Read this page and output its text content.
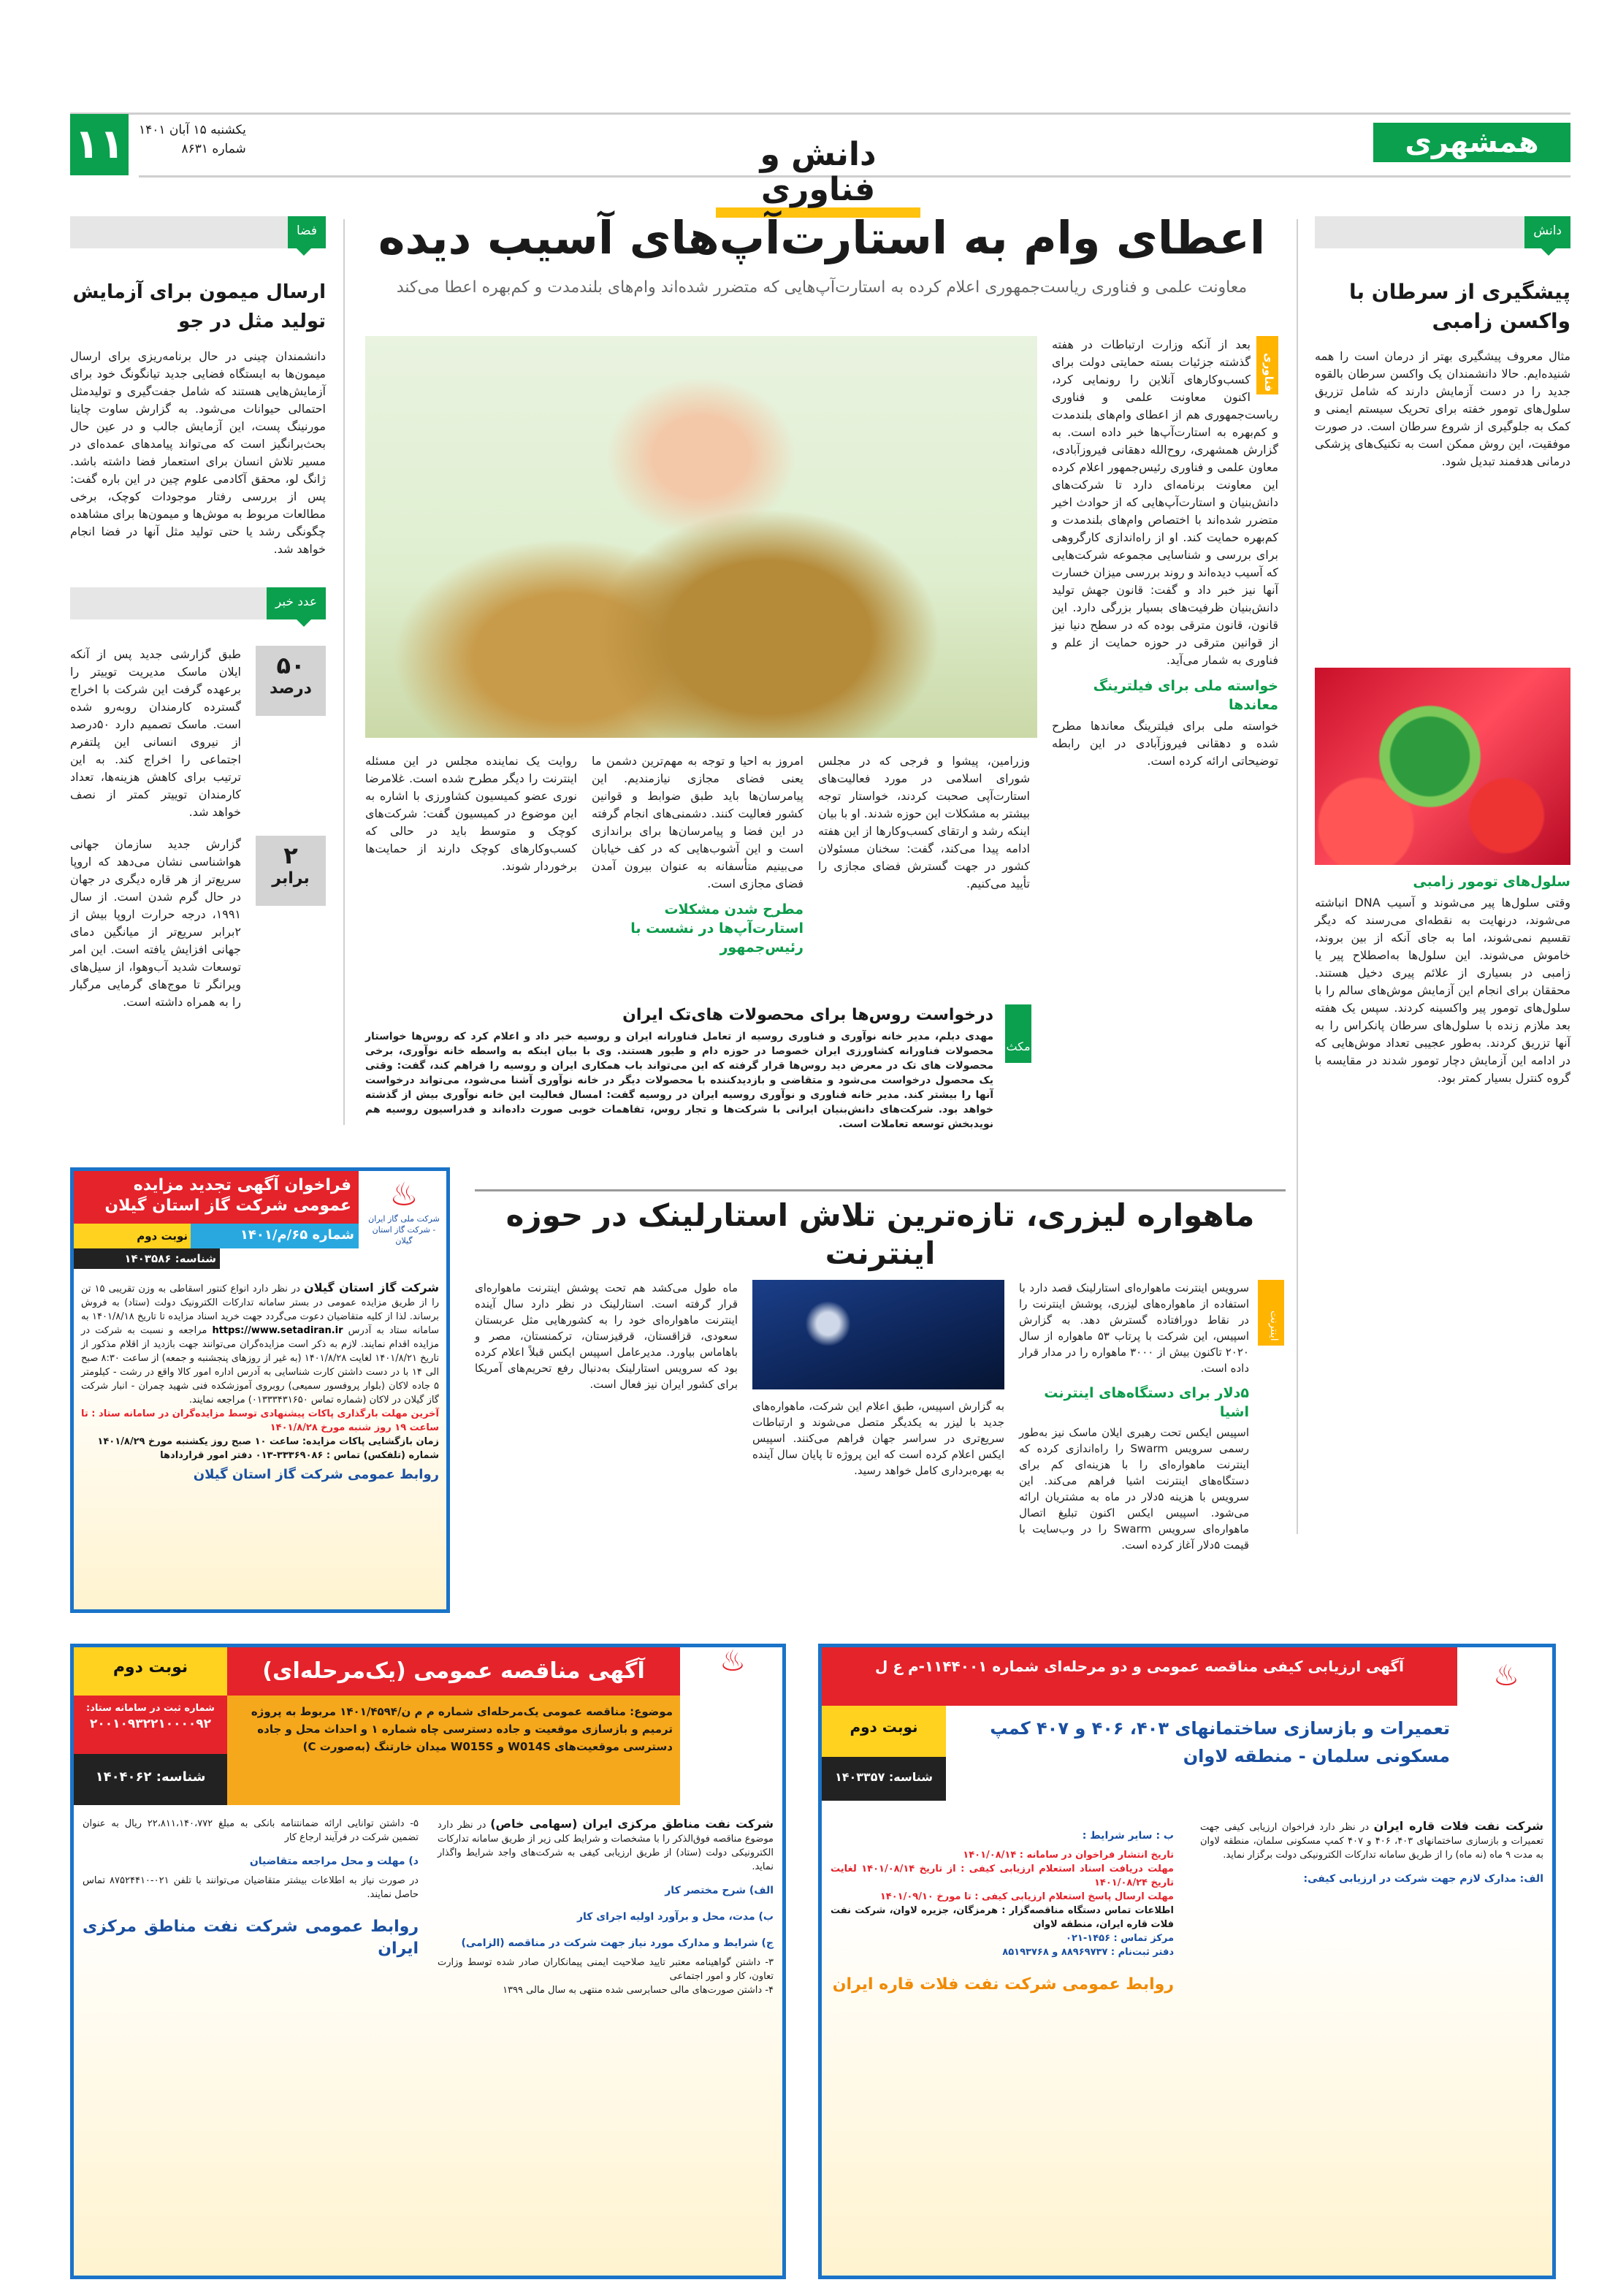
۱۱	یکشنبه ۱۵ آبان ۱۴۰۱
شماره ۸۶۳۱	دانش و فناوری
همشهری
دانش
پیشگیری از سرطان با واکسن زامبی

مثال معروف پیشگیری بهتر از درمان است را همه شنیده‌ایم. حالا دانشمندان یک واکسن سرطان بالقوه جدید را در دست آزمایش دارند که شامل تزریق سلول‌های تومور خفته برای تحریک سیستم ایمنی و کمک به جلوگیری از شروع سرطان است. در صورت موفقیت، این روش ممکن است به تکنیک‌های پزشکی درمانی هدفمند تبدیل شود.

سلول‌های تومور زامبی

وقتی سلول‌ها پیر می‌شوند و آسیب DNA انباشته می‌شوند، درنهایت به نقطه‌ای می‌رسند که دیگر تقسیم نمی‌شوند، اما به جای آنکه از بین بروند، خاموش می‌شوند. این سلول‌ها به‌اصطلاح پیر یا زامبی در بسیاری از علائم پیری دخیل هستند. محققان برای انجام این آزمایش موش‌های سالم را با سلول‌های تومور پیر واکسینه کردند. سپس یک هفته بعد ملازم زنده با سلول‌های سرطان پانکراس را به آنها تزریق کردند. به‌طور عجیبی تعداد موش‌هایی که در ادامه این آزمایش دچار تومور شدند در مقایسه با گروه کنترل بسیار کمتر بود.

فضا
ارسال میمون برای آزمایش تولید مثل در جو

دانشمندان چینی در حال برنامه‌ریزی برای ارسال میمون‌ها به ایستگاه فضایی جدید تیانگونگ خود برای آزمایش‌هایی هستند که شامل جفت‌گیری و تولیدمثل احتمالی حیوانات می‌شود. به گزارش ساوت چاینا مورنینگ پست، این آزمایش جالب و در عین حال بحث‌برانگیز است که می‌تواند پیامدهای عمده‌ای در مسیر تلاش انسان برای استعمار فضا داشته باشد. ژانگ لو، محقق آکادمی علوم چین در این باره گفت: پس از بررسی رفتار موجودات کوچک، برخی مطالعات مربوط به موش‌ها و میمون‌ها برای مشاهده چگونگی رشد یا حتی تولید مثل آنها در فضا انجام خواهد شد.

عدد خبر
۵۰
درصد

طبق گزارشی جدید پس از آنکه ایلان ماسک مدیریت توییتر را برعهده گرفت این شرکت با اخراج گسترده کارمندان روبه‌رو شده است. ماسک تصمیم دارد ۵۰درصد از نیروی انسانی این پلتفرم اجتماعی را اخراج کند. به این ترتیب برای کاهش هزینه‌ها، تعداد کارمندان توییتر کمتر از نصف خواهد شد.

۲
برابر

گزارش جدید سازمان جهانی هواشناسی نشان می‌دهد که اروپا سریع‌تر از هر قاره دیگری در جهان در حال گرم شدن است. از سال ۱۹۹۱، درجه حرارت اروپا بیش از ۲برابر سریع‌تر از میانگین دمای جهانی افزایش یافته است. این امر توسعات شدید آب‌وهوا، از سیل‌های ویرانگر تا موج‌های گرمایی مرگبار را به همراه داشته است.

اعطای وام به استارت‌آپ‌های آسیب دیده
معاونت علمی و فناوری ریاست‌جمهوری اعلام کرده به استارت‌آپ‌هایی که متضرر شده‌اند وام‌های بلندمدت و کم‌بهره اعطا می‌کند
فناوری

بعد از آنکه وزارت ارتباطات در هفته گذشته جزئیات بسته حمایتی دولت برای کسب‌وکارهای آنلاین را رونمایی کرد، اکنون معاونت علمی و فناوری ریاست‌جمهوری هم از اعطای وام‌های بلندمدت و کم‌بهره به استارت‌آپ‌ها خبر داده است. به گزارش همشهری، روح‌الله دهقانی فیروزآبادی، معاون علمی و فناوری رئیس‌جمهور اعلام کرده این معاونت برنامه‌ای دارد تا شرکت‌های دانش‌بنیان و استارت‌آپ‌هایی که از حوادث اخیر متضرر شده‌اند با اختصاص وام‌های بلندمدت و کم‌بهره حمایت کند. او از راه‌اندازی کارگروهی برای بررسی و شناسایی مجموعه شرکت‌هایی که آسیب دیده‌اند و روند بررسی میزان خسارت آنها نیز خبر داد و گفت: قانون جهش تولید دانش‌بنیان ظرفیت‌های بسیار بزرگی دارد. این قانون، قانون مترقی بوده که در سطح دنیا نیز از قوانین مترقی در حوزه حمایت از علم و فناوری به شمار می‌آید.

خواسته ملی برای فیلترینگ معاندها

خواسته ملی برای فیلترینگ معاندها مطرح شده و دهقانی فیروزآبادی در این رابطه توضیحاتی ارائه کرده است.

وزرامین، پیشوا و فرجی که در مجلس شورای اسلامی در مورد فعالیت‌های استارت‌آپی صحبت کردند، خواستار توجه بیشتر به مشکلات این حوزه شدند. او با بیان اینکه رشد و ارتقای کسب‌وکارها از این هفته ادامه پیدا می‌کند، گفت: سخنان مسئولان کشور در جهت گسترش فضای مجازی را تأیید می‌کنیم.

امروز به احیا و توجه به مهم‌ترین دشمن ما یعنی فضای مجازی نیازمندیم. این پیامرسان‌ها باید طبق ضوابط و قوانین کشور فعالیت کنند. دشمنی‌های انجام گرفته در این فضا و پیامرسان‌ها برای براندازی است و این آشوب‌هایی که در کف خیابان می‌بینیم متأسفانه به عنوان بیرون آمدن فضای مجازی است.

مطرح شدن مشکلات استارت‌آپ‌ها در نشست با رئیس‌جمهور

روایت یک نماینده مجلس در این مسئله اینترنت را دیگر مطرح شده است. غلامرضا نوری عضو کمیسیون کشاورزی با اشاره به این موضوع در کمیسیون گفت: شرکت‌های کوچک و متوسط باید در حالی که کسب‌وکارهای کوچک دارند از حمایت‌ها برخوردار شوند.

مکث
درخواست روس‌ها برای محصولات های‌تک ایران

مهدی دیلم، مدیر خانه نوآوری و فناوری روسیه از تعامل فناورانه ایران و روسیه خبر داد و اعلام کرد که روس‌ها خواستار محصولات فناورانه کشاورزی ایران خصوصا در حوزه دام و طیور هستند. وی با بیان اینکه به واسطه خانه نوآوری، برخی محصولات های تک در معرض دید روس‌ها قرار گرفته که این می‌تواند باب همکاری ایران و روسیه را فراهم کند، گفت: وقتی یک محصول درخواست می‌شود و متقاضی و بازدیدکننده با محصولات دیگر در خانه نوآوری آشنا می‌شود، می‌تواند درخواست آنها را بیشتر کند. مدیر خانه فناوری و نوآوری روسیه ایران در روسیه گفت: امسال فعالیت این خانه نوآوری بیش از گذشته خواهد بود. شرکت‌های دانش‌بنیان ایرانی با شرکت‌ها و تجار روس، تفاهمات خوبی صورت داده‌اند و فدراسیون روسیه هم نویدبخش توسعه تعاملات است.

ماهواره لیزری، تازه‌ترین تلاش استارلینک در حوزه اینترنت
اینترنت

سرویس اینترنت ماهواره‌ای استارلینک قصد دارد با استفاده از ماهواره‌های لیزری، پوشش اینترنت را در نقاط دورافتاده گسترش دهد. به گزارش اسپیس، این شرکت با پرتاب ۵۳ ماهواره از سال ۲۰۲۰ تاکنون بیش از ۳۰۰۰ ماهواره را در مدار قرار داده است.

۵دلار برای دستگاه‌های اینترنت اشیا

اسپیس ایکس تحت رهبری ایلان ماسک نیز به‌طور رسمی سرویس Swarm را راه‌اندازی کرده که اینترنت ماهواره‌ای را با هزینه‌ای کم برای دستگاه‌های اینترنت اشیا فراهم می‌کند. این سرویس با هزینه ۵دلار در ماه به مشتریان ارائه می‌شود. اسپیس ایکس اکنون تبلیغ اتصال ماهواره‌ای سرویس Swarm را در وب‌سایت با قیمت ۵دلار آغاز کرده است.

به گزارش اسپیس، طبق اعلام این شرکت، ماهواره‌های جدید با لیزر به یکدیگر متصل می‌شوند و ارتباطات سریع‌تری در سراسر جهان فراهم می‌کنند. اسپیس ایکس اعلام کرده است که این پروژه تا پایان سال آینده به بهره‌برداری کامل خواهد رسید.

ماه طول می‌کشد هم تحت پوشش اینترنت ماهواره‌ای قرار گرفته است. استارلینک در نظر دارد سال آینده اینترنت ماهواره‌ای خود را به کشورهایی مثل عربستان سعودی، قزاقستان، قرقیزستان، ترکمنستان، مصر و باهاماس بیاورد. مدیرعامل اسپیس ایکس قبلاً اعلام کرده بود که سرویس استارلینک به‌دنبال رفع تحریم‌های آمریکا برای کشور ایران نیز فعال است.

♨
شرکت ملی گاز ایران - شرکت گاز استان گیلان
فراخوان آگهی تجدید مزایده عمومی شرکت گاز استان گیلان
شماره ۶۵/م/۱۴۰۱
نوبت دوم
شناسه: ۱۴۰۳۵۸۶
شرکت گاز استان گیلان در نظر دارد انواع کنتور اسقاطی به وزن تقریبی ۱۵ تن را از طریق مزایده عمومی در بستر سامانه تدارکات الکترونیک دولت (ستاد) به فروش برساند. لذا از کلیه متقاضیان دعوت می‌گردد جهت خرید اسناد مزایده تا تاریخ ۱۴۰۱/۸/۱۸ به سامانه ستاد به آدرس https://www.setadiran.ir مراجعه و نسبت به شرکت در مزایده اقدام نمایند. لازم به ذکر است مزایده‌گران می‌توانند جهت بازدید از اقلام مذکور از تاریخ ۱۴۰۱/۸/۲۱ لغایت ۱۴۰۱/۸/۲۸ (به غیر از روزهای پنجشنبه و جمعه) از ساعت ۸:۳۰ صبح الی ۱۴ با در دست داشتن کارت شناسایی به آدرس اداره امور کالا واقع در رشت - کیلومتر ۵ جاده لاکان (بلوار پروفسور سمیعی) روبروی آموزشکده فنی شهید چمران - انبار شرکت گاز گیلان در لاکان (شماره تماس ۰۱۳۳۳۴۳۱۶۵۰) مراجعه نمایند.
آخرین مهلت بارگذاری پاکات پیشنهادی توسط مزایده‌گران در سامانه ستاد : تا ساعت ۱۹ روز شنبه مورخ ۱۴۰۱/۸/۲۸
زمان بازگشایی پاکات مزایده: ساعت ۱۰ صبح روز یکشنبه مورخ ۱۴۰۱/۸/۲۹
شماره (تلفکس) تماس : ۳۳۳۶۹۰۸۶-۰۱۳ دفتر امور قراردادها
روابط عمومی شرکت گاز استان گیلان
♨
آگهی مناقصه عمومی (یک‌مرحله‌ای)
موضوع: مناقصه عمومی یک‌مرحله‌ای شماره م م ن/۱۴۰۱/۴۵۹۴ مربوط به پروژه ترمیم و بازسازی موقعیت و جاده دسترسی چاه شماره ۱ و احداث محل و جاده دسترسی موقعیت‌های W014S و W015S میدان خارتنگ (به‌صورت C)
نوبت دوم
شماره ثبت در سامانه ستاد:
۲۰۰۱۰۹۳۲۲۱۰۰۰۰۹۲
شناسه: ۱۴۰۴۰۶۲
شرکت نفت مناطق مرکزی ایران (سهامی خاص) در نظر دارد موضوع مناقصه فوق‌الذکر را با مشخصات و شرایط کلی زیر از طریق سامانه تدارکات الکترونیکی دولت (ستاد) از طریق ارزیابی کیفی به شرکت‌های واجد شرایط واگذار نماید.
الف) شرح مختصر کار
ب) مدت، محل و برآورد اولیه اجرای کار
ج) شرایط و مدارک مورد نیاز جهت شرکت در مناقصه (الزامی)
۳- داشتن گواهینامه معتبر تایید صلاحیت ایمنی پیمانکاران صادر شده توسط وزارت تعاون، کار و امور اجتماعی
۴- داشتن صورت‌های مالی حسابرسی شده منتهی به سال مالی ۱۳۹۹
۵- داشتن توانایی ارائه ضمانتنامه بانکی به مبلغ ۲۲،۸۱۱،۱۴۰،۷۷۲ ریال به عنوان تضمین شرکت در فرآیند ارجاع کار
د) مهلت و محل مراجعه متقاضیان
در صورت نیاز به اطلاعات بیشتر متقاضیان می‌توانند با تلفن ۰۲۱-۸۷۵۲۴۴۱۰ تماس حاصل نمایند.
روابط عمومی شرکت نفت مناطق مرکزی ایران
♨
آگهی ارزیابی کیفی مناقصه عمومی و دو مرحله‌ای شماره ۱۱۴۴۰۰۱-م ع ل
نوبت دوم
شناسه: ۱۴۰۳۳۵۷
تعمیرات و بازسازی ساختمانهای ۴۰۳، ۴۰۶ و ۴۰۷ کمپ مسکونی سلمان - منطقه لاوان
شرکت نفت فلات قاره ایران در نظر دارد فراخوان ارزیابی کیفی جهت تعمیرات و بازسازی ساختمانهای ۴۰۳، ۴۰۶ و ۴۰۷ کمپ مسکونی سلمان، منطقه لاوان به مدت ۹ ماه (نه ماه) را از طریق سامانه تدارکات الکترونیکی دولت برگزار نماید.
الف: مدارک لازم جهت شرکت در ارزیابی کیفی:
ب : سایر شرایط :
تاریخ انتشار فراخوان در سامانه : ۱۴۰۱/۰۸/۱۴
مهلت دریافت اسناد استعلام ارزیابی کیفی : از تاریخ ۱۴۰۱/۰۸/۱۴ لغایت تاریخ ۱۴۰۱/۰۸/۲۴
مهلت ارسال پاسخ استعلام ارزیابی کیفی : تا مورخ ۱۴۰۱/۰۹/۱۰
اطلاعات تماس دستگاه مناقصه‌گزار : هرمزگان، جزیره لاوان، شرکت نفت فلات قاره ایران، منطقه لاوان
مرکز تماس : ۱۴۵۶-۰۲۱
دفتر ثبت‌نام : ۸۸۹۶۹۷۳۷ و ۸۵۱۹۳۷۶۸
روابط عمومی شرکت نفت فلات قاره ایران
